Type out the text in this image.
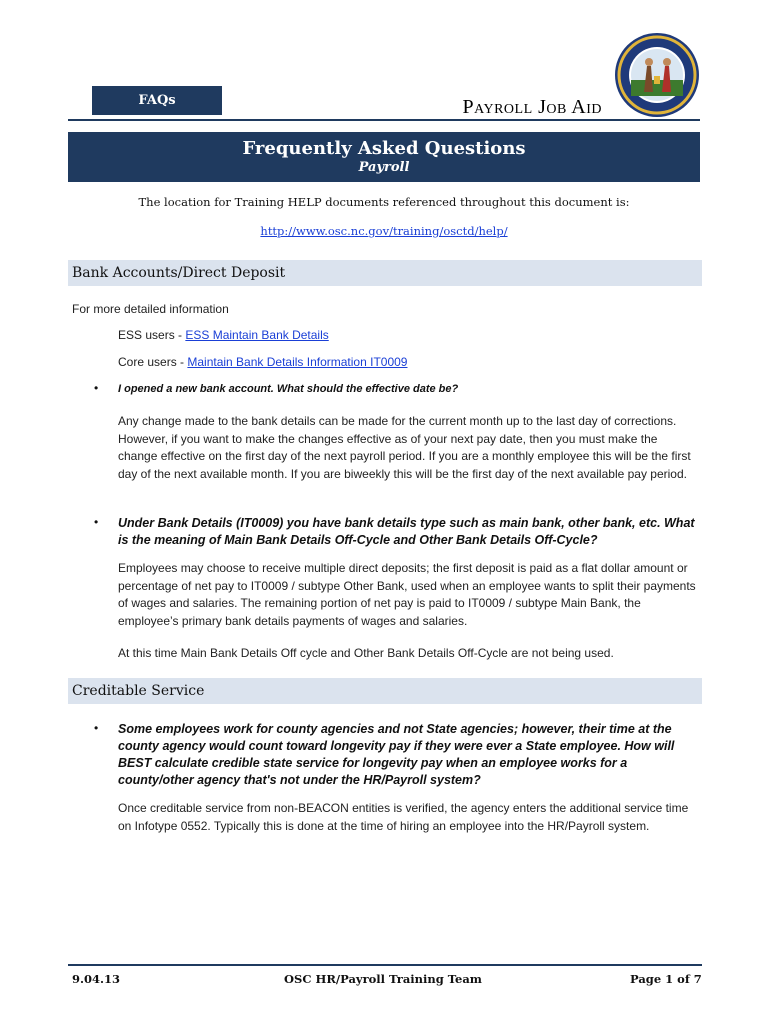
FAQs	Payroll Job Aid
Frequently Asked Questions
Payroll
The location for Training HELP documents referenced throughout this document is:
http://www.osc.nc.gov/training/osctd/help/
Bank Accounts/Direct Deposit
For more detailed information
ESS users - ESS Maintain Bank Details
Core users - Maintain Bank Details Information IT0009
• I opened a new bank account. What should the effective date be?
Any change made to the bank details can be made for the current month up to the last day of corrections. However, if you want to make the changes effective as of your next pay date, then you must make the change effective on the first day of the next payroll period. If you are a monthly employee this will be the first day of the next available month. If you are biweekly this will be the first day of the next available pay period.
• Under Bank Details (IT0009) you have bank details type such as main bank, other bank, etc. What is the meaning of Main Bank Details Off-Cycle and Other Bank Details Off-Cycle?
Employees may choose to receive multiple direct deposits; the first deposit is paid as a flat dollar amount or percentage of net pay to IT0009 / subtype Other Bank, used when an employee wants to split their payments of wages and salaries. The remaining portion of net pay is paid to IT0009 / subtype Main Bank, the employee’s primary bank details payments of wages and salaries.
At this time Main Bank Details Off cycle and Other Bank Details Off-Cycle are not being used.
Creditable Service
• Some employees work for county agencies and not State agencies; however, their time at the county agency would count toward longevity pay if they were ever a State employee. How will BEST calculate credible state service for longevity pay when an employee works for a county/other agency that's not under the HR/Payroll system?
Once creditable service from non-BEACON entities is verified, the agency enters the additional service time on Infotype 0552. Typically this is done at the time of hiring an employee into the HR/Payroll system.
9.04.13	OSC HR/Payroll Training Team	Page 1 of 7
